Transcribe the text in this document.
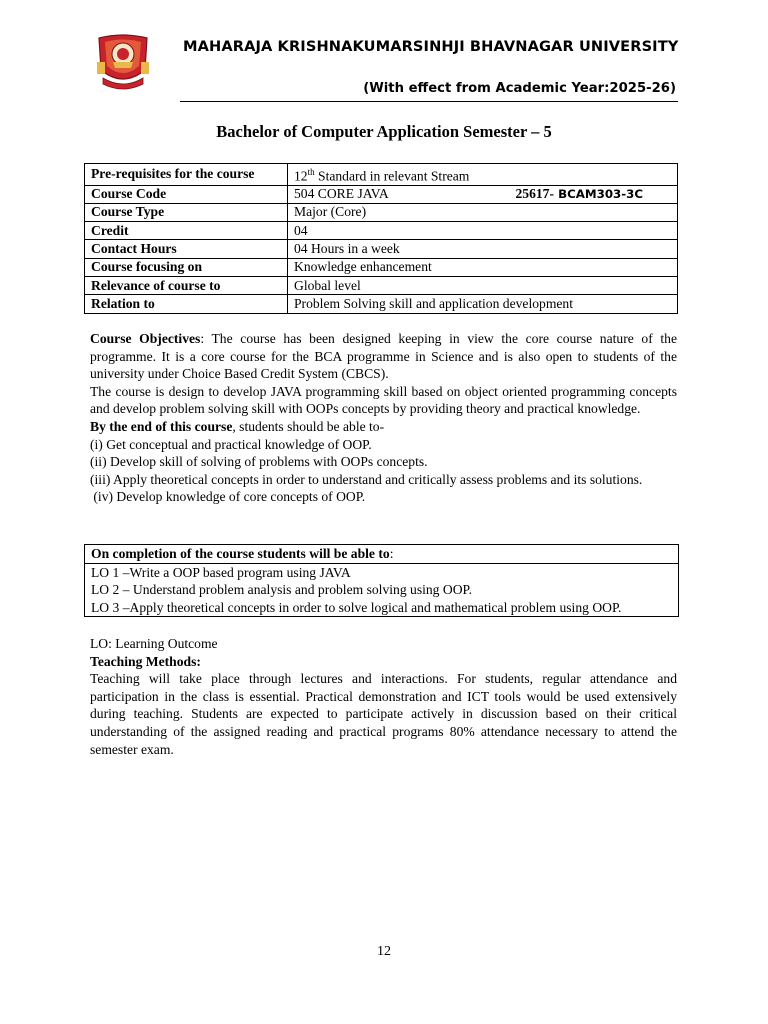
MAHARAJA KRISHNAKUMARSINHJI BHAVNAGAR UNIVERSITY
(With effect from Academic Year:2025-26)
Bachelor of Computer Application Semester – 5
Pre-requisites for the course	12th Standard in relevant Stream
Course Code	504 CORE JAVA 25617- BCAM303-3C

Course Type	Major (Core)
Credit	04
Contact Hours	04 Hours in a week
Course focusing on	Knowledge enhancement
Relevance of course to	Global level
Relation to	Problem Solving skill and application development

Course Objectives: The course has been designed keeping in view the core course nature of the programme. It is a core course for the BCA programme in Science and is also open to students of the university under Choice Based Credit System (CBCS).

The course is design to develop JAVA programming skill based on object oriented programming concepts and develop problem solving skill with OOPs concepts by providing theory and practical knowledge.

By the end of this course, students should be able to-

(i) Get conceptual and practical knowledge of OOP.

(ii) Develop skill of solving of problems with OOPs concepts.

(iii) Apply theoretical concepts in order to understand and critically assess problems and its solutions.

(iv) Develop knowledge of core concepts of OOP.

On completion of the course students will be able to:
LO 1 –Write a OOP based program using JAVA
LO 2 – Understand problem analysis and problem solving using OOP.
LO 3 –Apply theoretical concepts in order to solve logical and mathematical problem using OOP.

LO: Learning Outcome

Teaching Methods:

Teaching will take place through lectures and interactions. For students, regular attendance and participation in the class is essential. Practical demonstration and ICT tools would be used extensively during teaching. Students are expected to participate actively in discussion based on their critical understanding of the assigned reading and practical programs 80% attendance necessary to attend the semester exam.

12
